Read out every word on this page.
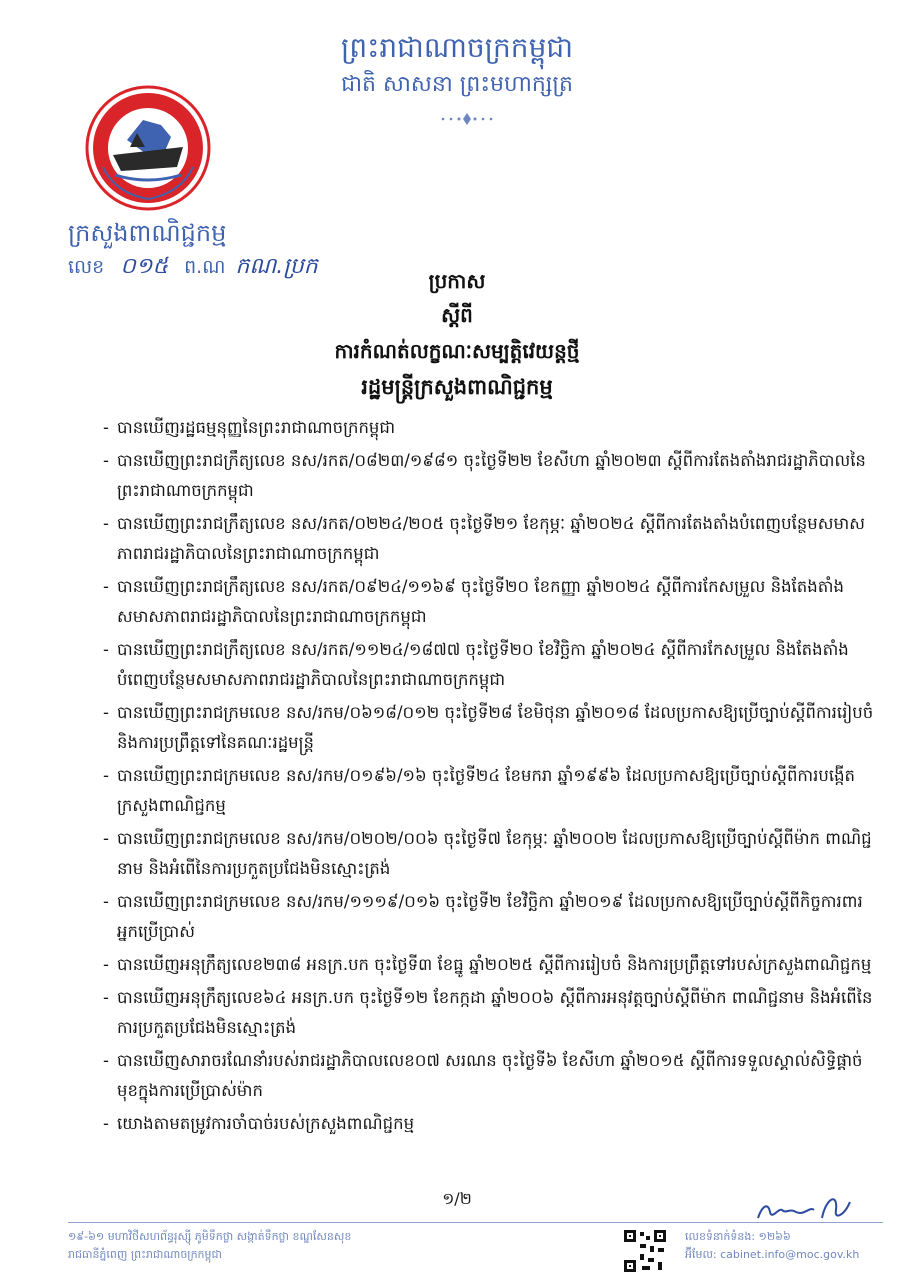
ព្រះរាជាណាចក្រកម្ពុជា
ជាតិ សាសនា ព្រះមហាក្សត្រ
ក្រសួងពាណិជ្ជកម្ម
លេខ ០១៥ ព.ណ កណ.ប្រក
ប្រកាស
ស្តីពី
ការកំណត់លក្ខណៈសម្បត្តិវេយន្តថ្មី
រដ្ឋមន្ត្រីក្រសួងពាណិជ្ជកម្ម
- បានឃើញរដ្ឋធម្មនុញ្ញនៃព្រះរាជាណាចក្រកម្ពុជា
- បានឃើញព្រះរាជក្រឹត្យលេខ នស/រកត/០៨២៣/១៩៨១ ចុះថ្ងៃទី២២ ខែសីហា ឆ្នាំ២០២៣ ស្តីពីការតែងតាំងរាជរដ្ឋាភិបាលនៃព្រះរាជាណាចក្រកម្ពុជា
- បានឃើញព្រះរាជក្រឹត្យលេខ នស/រកត/០២២៤/២០៥ ចុះថ្ងៃទី២១ ខែកុម្ភៈ ឆ្នាំ២០២៤ ស្តីពីការតែងតាំងបំពេញបន្ថែមសមាសភាពរាជរដ្ឋាភិបាលនៃព្រះរាជាណាចក្រកម្ពុជា
- បានឃើញព្រះរាជក្រឹត្យលេខ នស/រកត/០៩២៤/១១៦៩ ចុះថ្ងៃទី២០ ខែកញ្ញា ឆ្នាំ២០២៤ ស្តីពីការកែសម្រួល និងតែងតាំងសមាសភាពរាជរដ្ឋាភិបាលនៃព្រះរាជាណាចក្រកម្ពុជា
- បានឃើញព្រះរាជក្រឹត្យលេខ នស/រកត/១១២៤/១៨៧៧ ចុះថ្ងៃទី២០ ខែវិច្ឆិកា ឆ្នាំ២០២៤ ស្តីពីការកែសម្រួល និងតែងតាំងបំពេញបន្ថែមសមាសភាពរាជរដ្ឋាភិបាលនៃព្រះរាជាណាចក្រកម្ពុជា
- បានឃើញព្រះរាជក្រមលេខ នស/រកម/០៦១៨/០១២ ចុះថ្ងៃទី២៨ ខែមិថុនា ឆ្នាំ២០១៨ ដែលប្រកាសឱ្យប្រើច្បាប់ស្តីពីការរៀបចំ និងការប្រព្រឹត្តទៅនៃគណៈរដ្ឋមន្ត្រី
- បានឃើញព្រះរាជក្រមលេខ នស/រកម/០១៩៦/១៦ ចុះថ្ងៃទី២៤ ខែមករា ឆ្នាំ១៩៩៦ ដែលប្រកាសឱ្យប្រើច្បាប់ស្តីពីការបង្កើតក្រសួងពាណិជ្ជកម្ម
- បានឃើញព្រះរាជក្រមលេខ នស/រកម/០២០២/០០៦ ចុះថ្ងៃទី៧ ខែកុម្ភៈ ឆ្នាំ២០០២ ដែលប្រកាសឱ្យប្រើច្បាប់ស្តីពីម៉ាក ពាណិជ្ជនាម និងអំពើនៃការប្រកួតប្រជែងមិនស្មោះត្រង់
- បានឃើញព្រះរាជក្រមលេខ នស/រកម/១១១៩/០១៦ ចុះថ្ងៃទី២ ខែវិច្ឆិកា ឆ្នាំ២០១៩ ដែលប្រកាសឱ្យប្រើច្បាប់ស្តីពីកិច្ចការពារអ្នកប្រើប្រាស់
- បានឃើញអនុក្រឹត្យលេខ២៣៨ អនក្រ.បក ចុះថ្ងៃទី៣ ខែធ្នូ ឆ្នាំ២០២៥ ស្តីពីការរៀបចំ និងការប្រព្រឹត្តទៅរបស់ក្រសួងពាណិជ្ជកម្ម
- បានឃើញអនុក្រឹត្យលេខ៦៤ អនក្រ.បក ចុះថ្ងៃទី១២ ខែកក្កដា ឆ្នាំ២០០៦ ស្តីពីការអនុវត្តច្បាប់ស្តីពីម៉ាក ពាណិជ្ជនាម និងអំពើនៃការប្រកួតប្រជែងមិនស្មោះត្រង់
- បានឃើញសារាចរណែនាំរបស់រាជរដ្ឋាភិបាលលេខ០៧ សរណន ចុះថ្ងៃទី៦ ខែសីហា ឆ្នាំ២០១៥ ស្តីពីការទទួលស្គាល់សិទ្ធិផ្តាច់មុខក្នុងការប្រើប្រាស់ម៉ាក
- យោងតាមតម្រូវការចាំបាច់របស់ក្រសួងពាណិជ្ជកម្ម
១/២
១៩-៦១ មហាវិថីសហព័ន្ធរុស្ស៊ី ភូមិទឹកថ្លា សង្កាត់ទឹកថ្លា ខណ្ឌសែនសុខ
រាជធានីភ្នំពេញ ព្រះរាជាណាចក្រកម្ពុជា
លេខទំនាក់ទំនង: ១២៦៦
អ៊ីមែល: cabinet.info@moc.gov.kh
